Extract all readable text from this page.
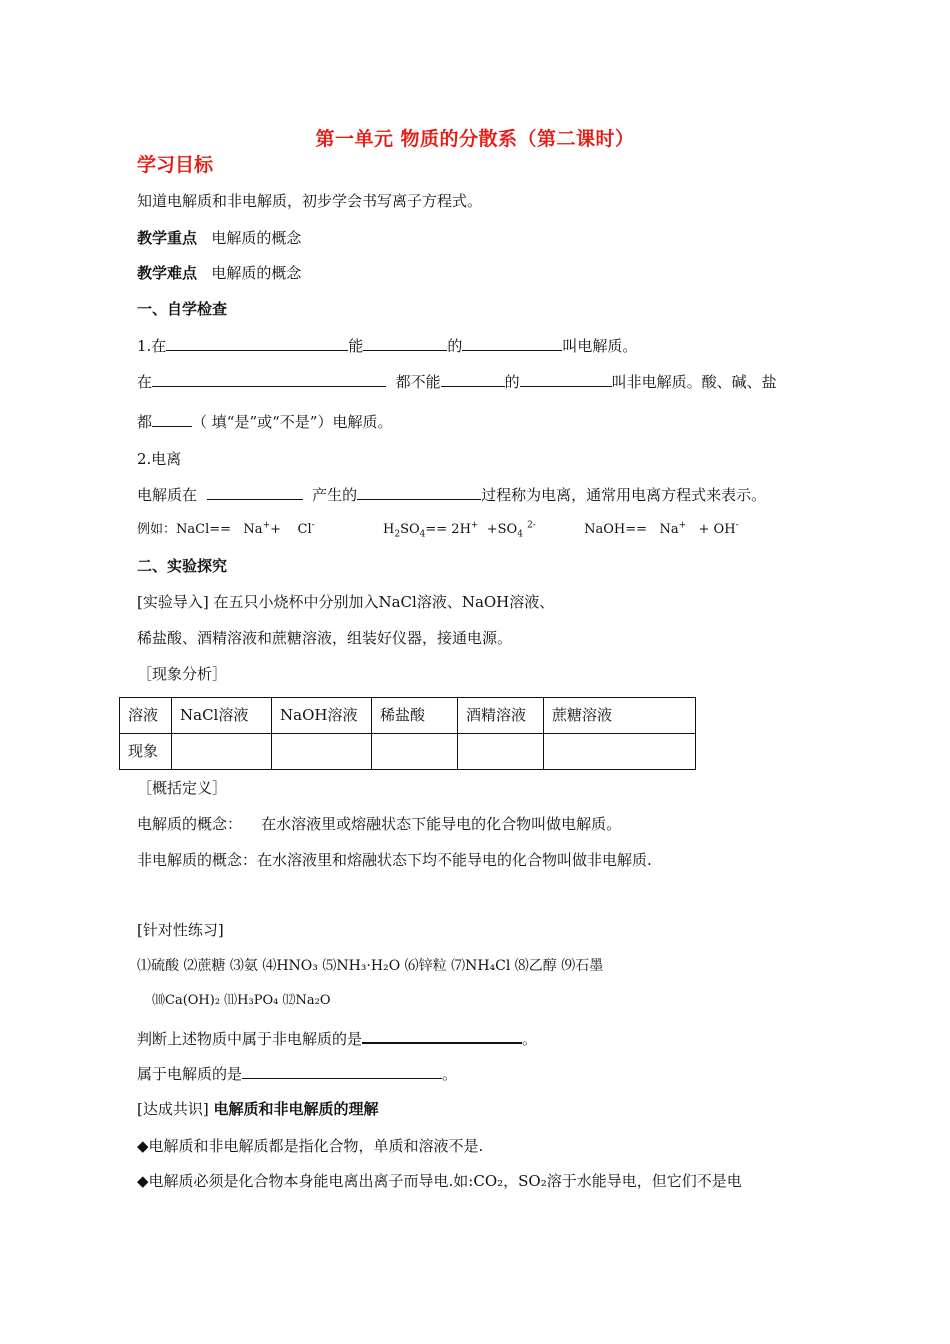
第一单元 物质的分散系（第二课时）
学习目标
知道电解质和非电解质，初步学会书写离子方程式。
教学重点 电解质的概念
教学难点 电解质的概念
一、自学检查
1.在	能	的	叫电解质。
在	都不能	的	叫非电解质。酸、碱、盐
都	（ 填“是”或“不是”）电解质。
2.电离
电解质在	产生的	过程称为电离，通常用电离方程式来表示。
例如：NaCl== Na++ Cl-	$H_2SO_4== 2H^+ +SO_4$ $^{2-}$	NaOH== Na+ + OH-
二、实验探究
[实验导入] 在五只小烧杯中分别加入NaCl溶液、NaOH溶液、
稀盐酸、酒精溶液和蔗糖溶液，组装好仪器，接通电源。
［现象分析］
溶液	NaCl溶液	NaOH溶液	稀盐酸	酒精溶液	蔗糖溶液
现象					
［概括定义］
电解质的概念： 在水溶液里或熔融状态下能导电的化合物叫做电解质。
非电解质的概念：在水溶液里和熔融状态下均不能导电的化合物叫做非电解质.
[针对性练习]
⑴硫酸 ⑵蔗糖 ⑶氨 ⑷HNO₃ ⑸NH₃·H₂O ⑹锌粒 ⑺NH₄Cl ⑻乙醇 ⑼石墨
⑽Ca(OH)₂ ⑾H₃PO₄ ⑿Na₂O
判断上述物质中属于非电解质的是	。
属于电解质的是	。
[达成共识] 电解质和非电解质的理解
◆电解质和非电解质都是指化合物，单质和溶液不是.
◆电解质必须是化合物本身能电离出离子而导电.如:CO₂，SO₂溶于水能导电，但它们不是电
